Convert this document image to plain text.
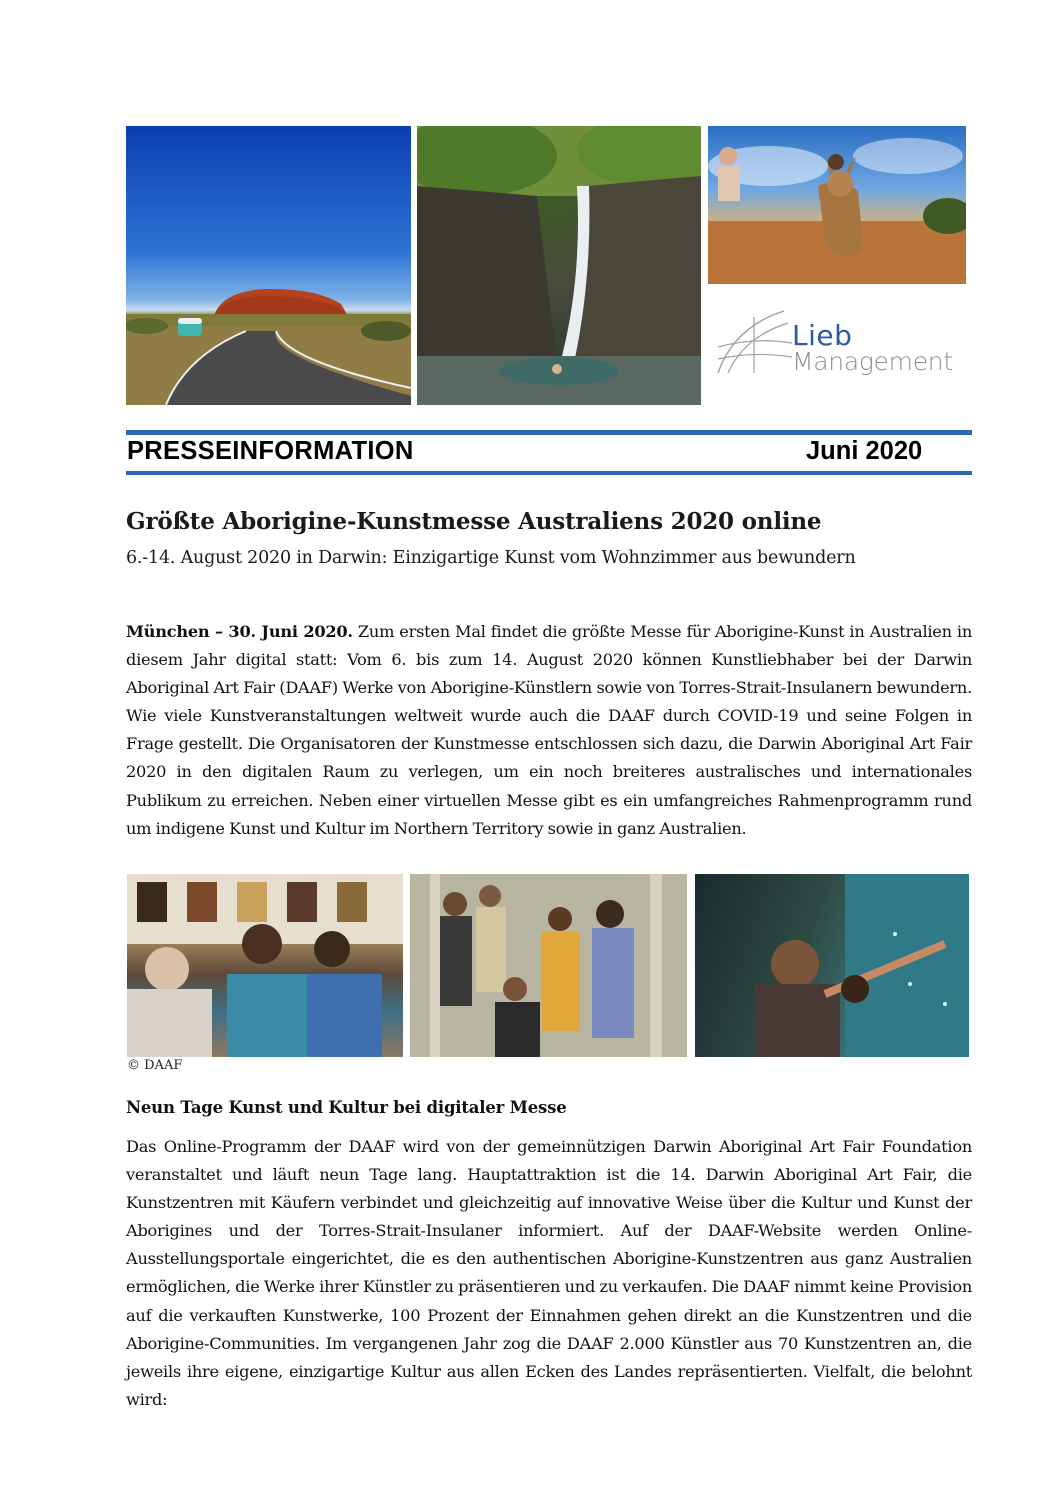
Lieb
Management
PRESSEINFORMATION	Juni 2020
Größte Aborigine-Kunstmesse Australiens 2020 online
6.-14. August 2020 in Darwin: Einzigartige Kunst vom Wohnzimmer aus bewundern
München – 30. Juni 2020. Zum ersten Mal findet die größte Messe für Aborigine-Kunst in Australien in diesem Jahr digital statt: Vom 6. bis zum 14. August 2020 können Kunstliebhaber bei der Darwin Aboriginal Art Fair (DAAF) Werke von Aborigine-Künstlern sowie von Torres-Strait-Insulanern bewundern. Wie viele Kunstveranstaltungen weltweit wurde auch die DAAF durch COVID-19 und seine Folgen in Frage gestellt. Die Organisatoren der Kunstmesse entschlossen sich dazu, die Darwin Aboriginal Art Fair 2020 in den digitalen Raum zu verlegen, um ein noch breiteres australisches und internationales Publikum zu erreichen. Neben einer virtuellen Messe gibt es ein umfangreiches Rahmenprogramm rund um indigene Kunst und Kultur im Northern Territory sowie in ganz Australien.
© DAAF
Neun Tage Kunst und Kultur bei digitaler Messe
Das Online-Programm der DAAF wird von der gemeinnützigen Darwin Aboriginal Art Fair Foundation veranstaltet und läuft neun Tage lang. Hauptattraktion ist die 14. Darwin Aboriginal Art Fair, die Kunstzentren mit Käufern verbindet und gleichzeitig auf innovative Weise über die Kultur und Kunst der Aborigines und der Torres-Strait-Insulaner informiert. Auf der DAAF-Website werden Online-Ausstellungsportale eingerichtet, die es den authentischen Aborigine-Kunstzentren aus ganz Australien ermöglichen, die Werke ihrer Künstler zu präsentieren und zu verkaufen. Die DAAF nimmt keine Provision auf die verkauften Kunstwerke, 100 Prozent der Einnahmen gehen direkt an die Kunstzentren und die Aborigine-Communities. Im vergangenen Jahr zog die DAAF 2.000 Künstler aus 70 Kunstzentren an, die jeweils ihre eigene, einzigartige Kultur aus allen Ecken des Landes repräsentierten. Vielfalt, die belohnt wird:
